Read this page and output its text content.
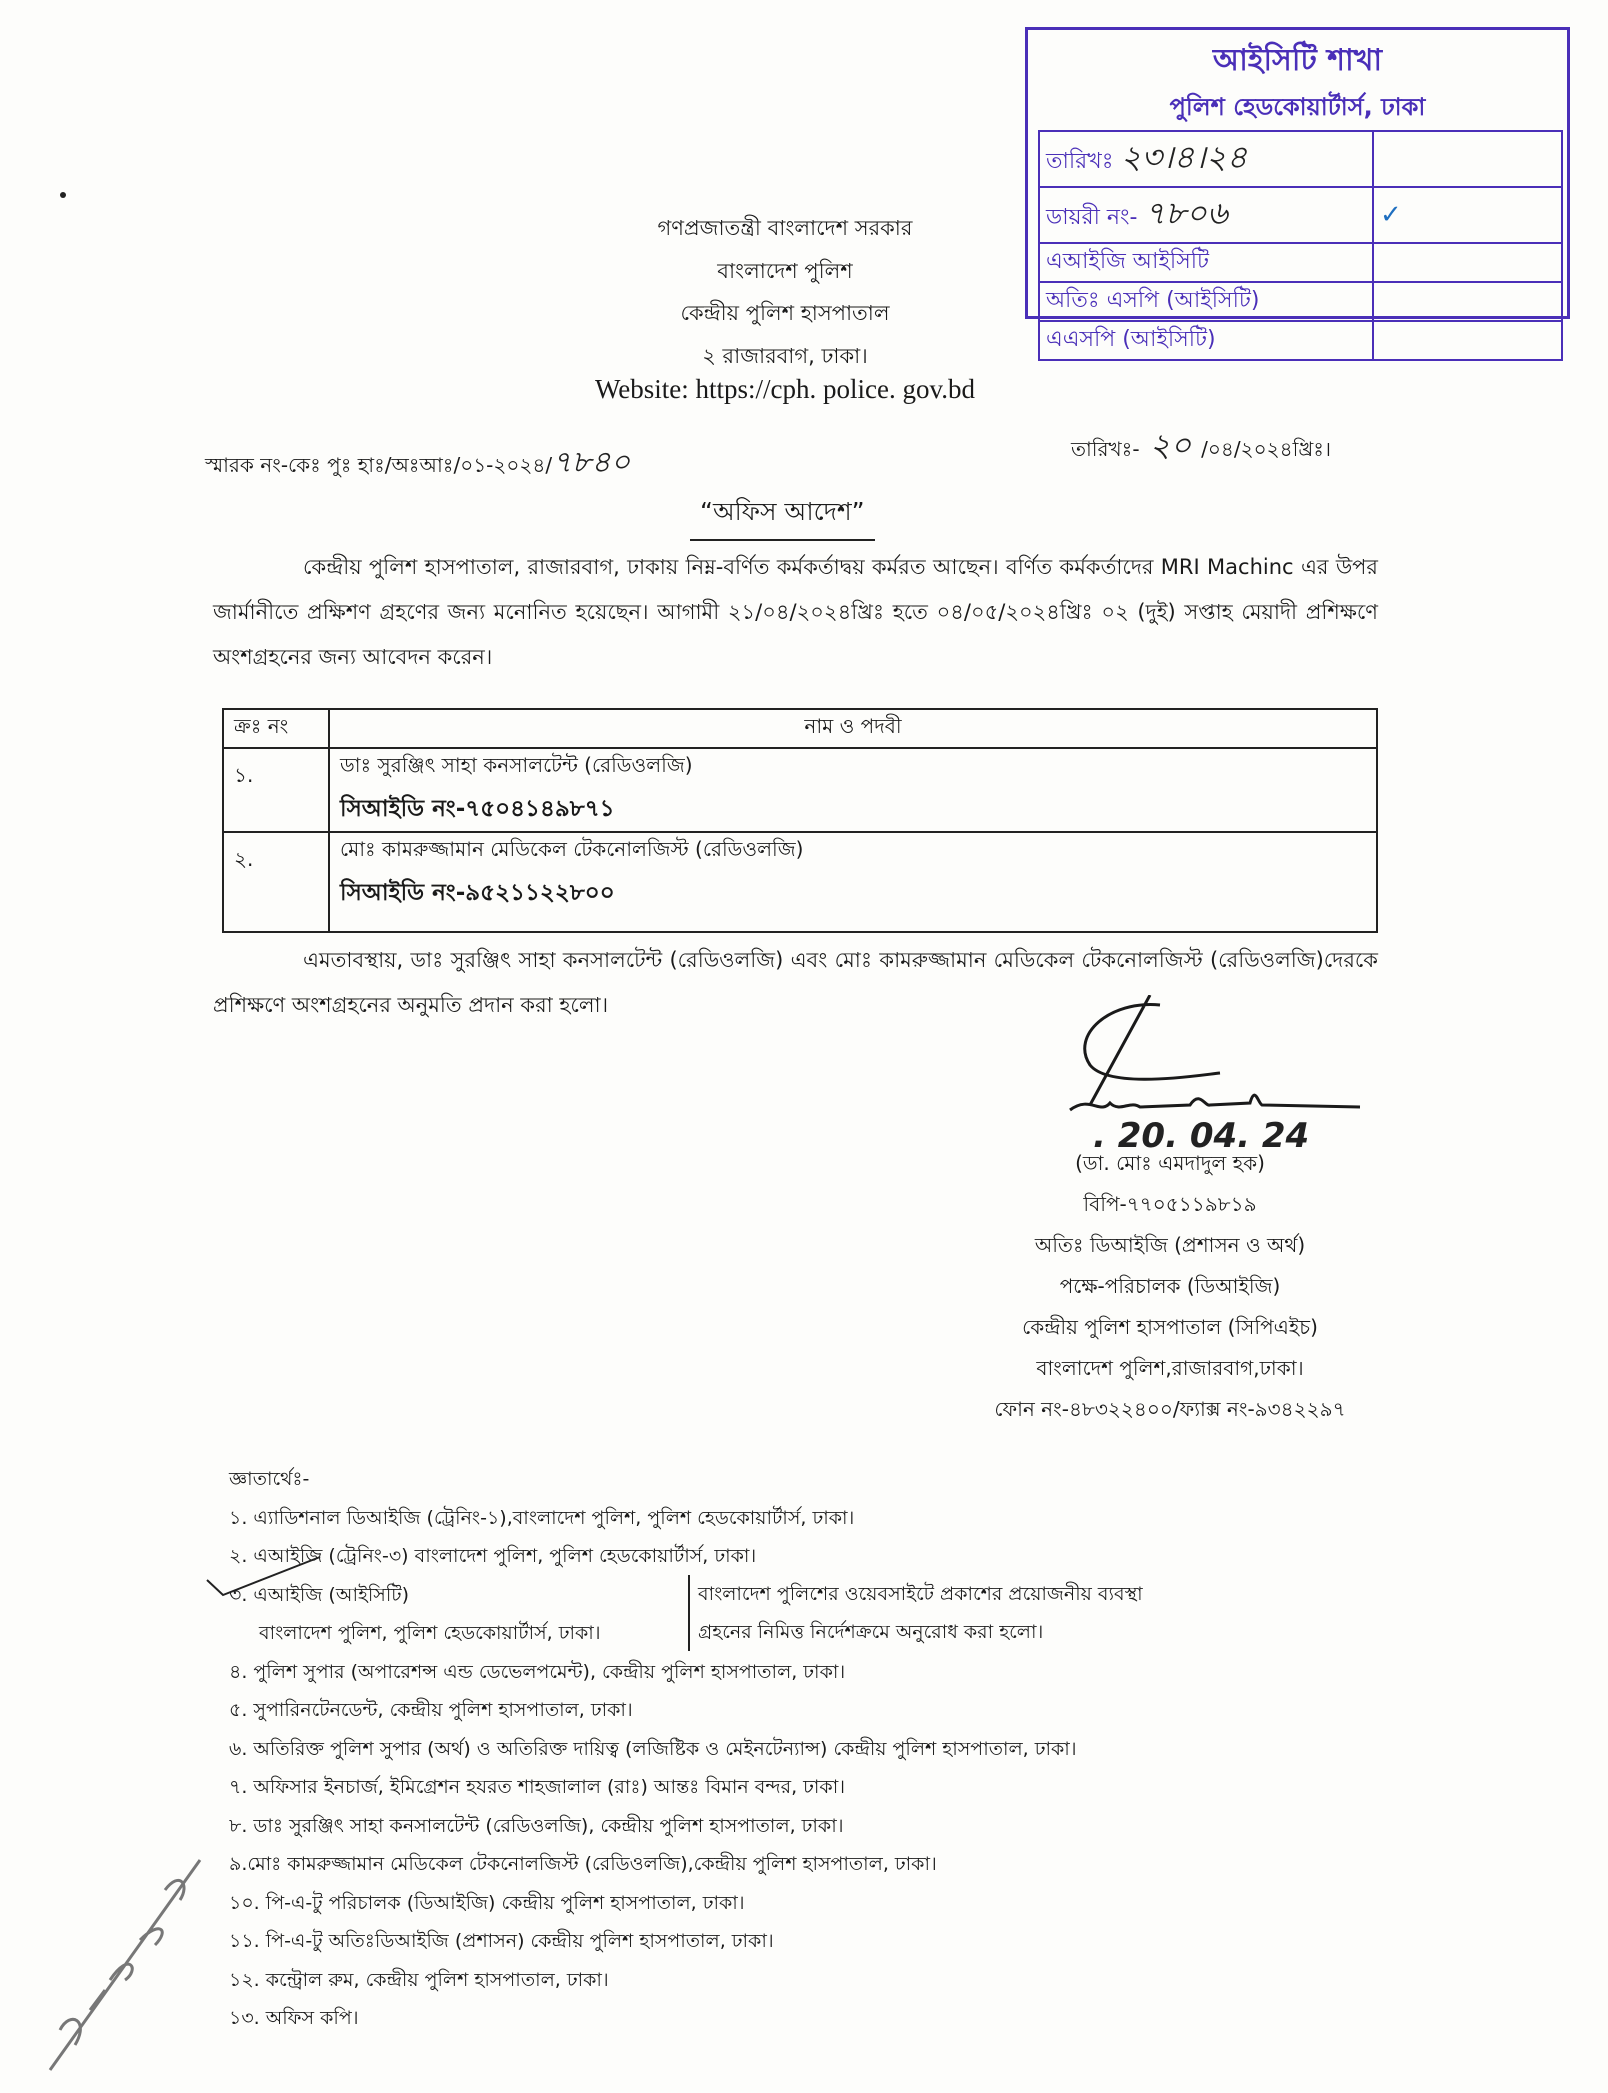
আইসিটি শাখা
পুলিশ হেডকোয়ার্টার্স, ঢাকা
তারিখঃ ২৩।৪।২৪	
ডায়রী নং- ৭৮০৬	✓
এআইজি আইসিটি	
অতিঃ এসপি (আইসিটি)	
এএসপি (আইসিটি)	
গণপ্রজাতন্ত্রী বাংলাদেশ সরকার
বাংলাদেশ পুলিশ
কেন্দ্রীয় পুলিশ হাসপাতাল
২ রাজারবাগ, ঢাকা।
Website: https://cph. police. gov.bd
স্মারক নং-কেঃ পুঃ হাঃ/অঃআঃ/০১-২০২৪/৭৮৪০	তারিখঃ- ২০ /০৪/২০২৪খ্রিঃ।
“অফিস আদেশ”
কেন্দ্রীয় পুলিশ হাসপাতাল, রাজারবাগ, ঢাকায় নিম্ন-বর্ণিত কর্মকর্তাদ্বয় কর্মরত আছেন। বর্ণিত কর্মকর্তাদের MRI Machinc এর উপর জার্মানীতে প্রক্ষিশণ গ্রহণের জন্য মনোনিত হয়েছেন। আগামী ২১/০৪/২০২৪খ্রিঃ হতে ০৪/০৫/২০২৪খ্রিঃ ০২ (দুই) সপ্তাহ মেয়াদী প্রশিক্ষণে অংশগ্রহনের জন্য আবেদন করেন।
ক্রঃ নং	নাম ও পদবী
১.	ডাঃ সুরঞ্জিৎ সাহা কনসালটেন্ট (রেডিওলজি)
সিআইডি নং-৭৫০৪১৪৯৮৭১

২.	মোঃ কামরুজ্জামান মেডিকেল টেকনোলজিস্ট (রেডিওলজি)
সিআইডি নং-৯৫২১১২২৮০০
এমতাবস্থায়, ডাঃ সুরঞ্জিৎ সাহা কনসালটেন্ট (রেডিওলজি) এবং মোঃ কামরুজ্জামান মেডিকেল টেকনোলজিস্ট (রেডিওলজি)দেরকে প্রশিক্ষণে অংশগ্রহনের অনুমতি প্রদান করা হলো।
. 20. 04. 24
(ডা. মোঃ এমদাদুল হক)
বিপি-৭৭০৫১১৯৮১৯
অতিঃ ডিআইজি (প্রশাসন ও অর্থ)
পক্ষে-পরিচালক (ডিআইজি)
কেন্দ্রীয় পুলিশ হাসপাতাল (সিপিএইচ)
বাংলাদেশ পুলিশ,রাজারবাগ,ঢাকা।
ফোন নং-৪৮৩২২৪০০/ফ্যাক্স নং-৯৩৪২২৯৭
জ্ঞাতার্থেঃ-
১. এ্যাডিশনাল ডিআইজি (ট্রেনিং-১),বাংলাদেশ পুলিশ, পুলিশ হেডকোয়ার্টার্স, ঢাকা।
২. এআইজি (ট্রেনিং-৩) বাংলাদেশ পুলিশ, পুলিশ হেডকোয়ার্টার্স, ঢাকা।
৩. এআইজি (আইসিটি)
বাংলাদেশ পুলিশ, পুলিশ হেডকোয়ার্টার্স, ঢাকা।
৪. পুলিশ সুপার (অপারেশন্স এন্ড ডেভেলপমেন্ট), কেন্দ্রীয় পুলিশ হাসপাতাল, ঢাকা।
৫. সুপারিনটেনডেন্ট, কেন্দ্রীয় পুলিশ হাসপাতাল, ঢাকা।
৬. অতিরিক্ত পুলিশ সুপার (অর্থ) ও অতিরিক্ত দায়িত্ব (লজিষ্টিক ও মেইনটেন্যান্স) কেন্দ্রীয় পুলিশ হাসপাতাল, ঢাকা।
৭. অফিসার ইনচার্জ, ইমিগ্রেশন হযরত শাহজালাল (রাঃ) আন্তঃ বিমান বন্দর, ঢাকা।
৮. ডাঃ সুরঞ্জিৎ সাহা কনসালটেন্ট (রেডিওলজি), কেন্দ্রীয় পুলিশ হাসপাতাল, ঢাকা।
৯.মোঃ কামরুজ্জামান মেডিকেল টেকনোলজিস্ট (রেডিওলজি),কেন্দ্রীয় পুলিশ হাসপাতাল, ঢাকা।
১০. পি-এ-টু পরিচালক (ডিআইজি) কেন্দ্রীয় পুলিশ হাসপাতাল, ঢাকা।
১১. পি-এ-টু অতিঃডিআইজি (প্রশাসন) কেন্দ্রীয় পুলিশ হাসপাতাল, ঢাকা।
১২. কন্ট্রোল রুম, কেন্দ্রীয় পুলিশ হাসপাতাল, ঢাকা।
১৩. অফিস কপি।
বাংলাদেশ পুলিশের ওয়েবসাইটে প্রকাশের প্রয়োজনীয় ব্যবস্থা
গ্রহনের নিমিত্ত নির্দেশক্রমে অনুরোধ করা হলো।
